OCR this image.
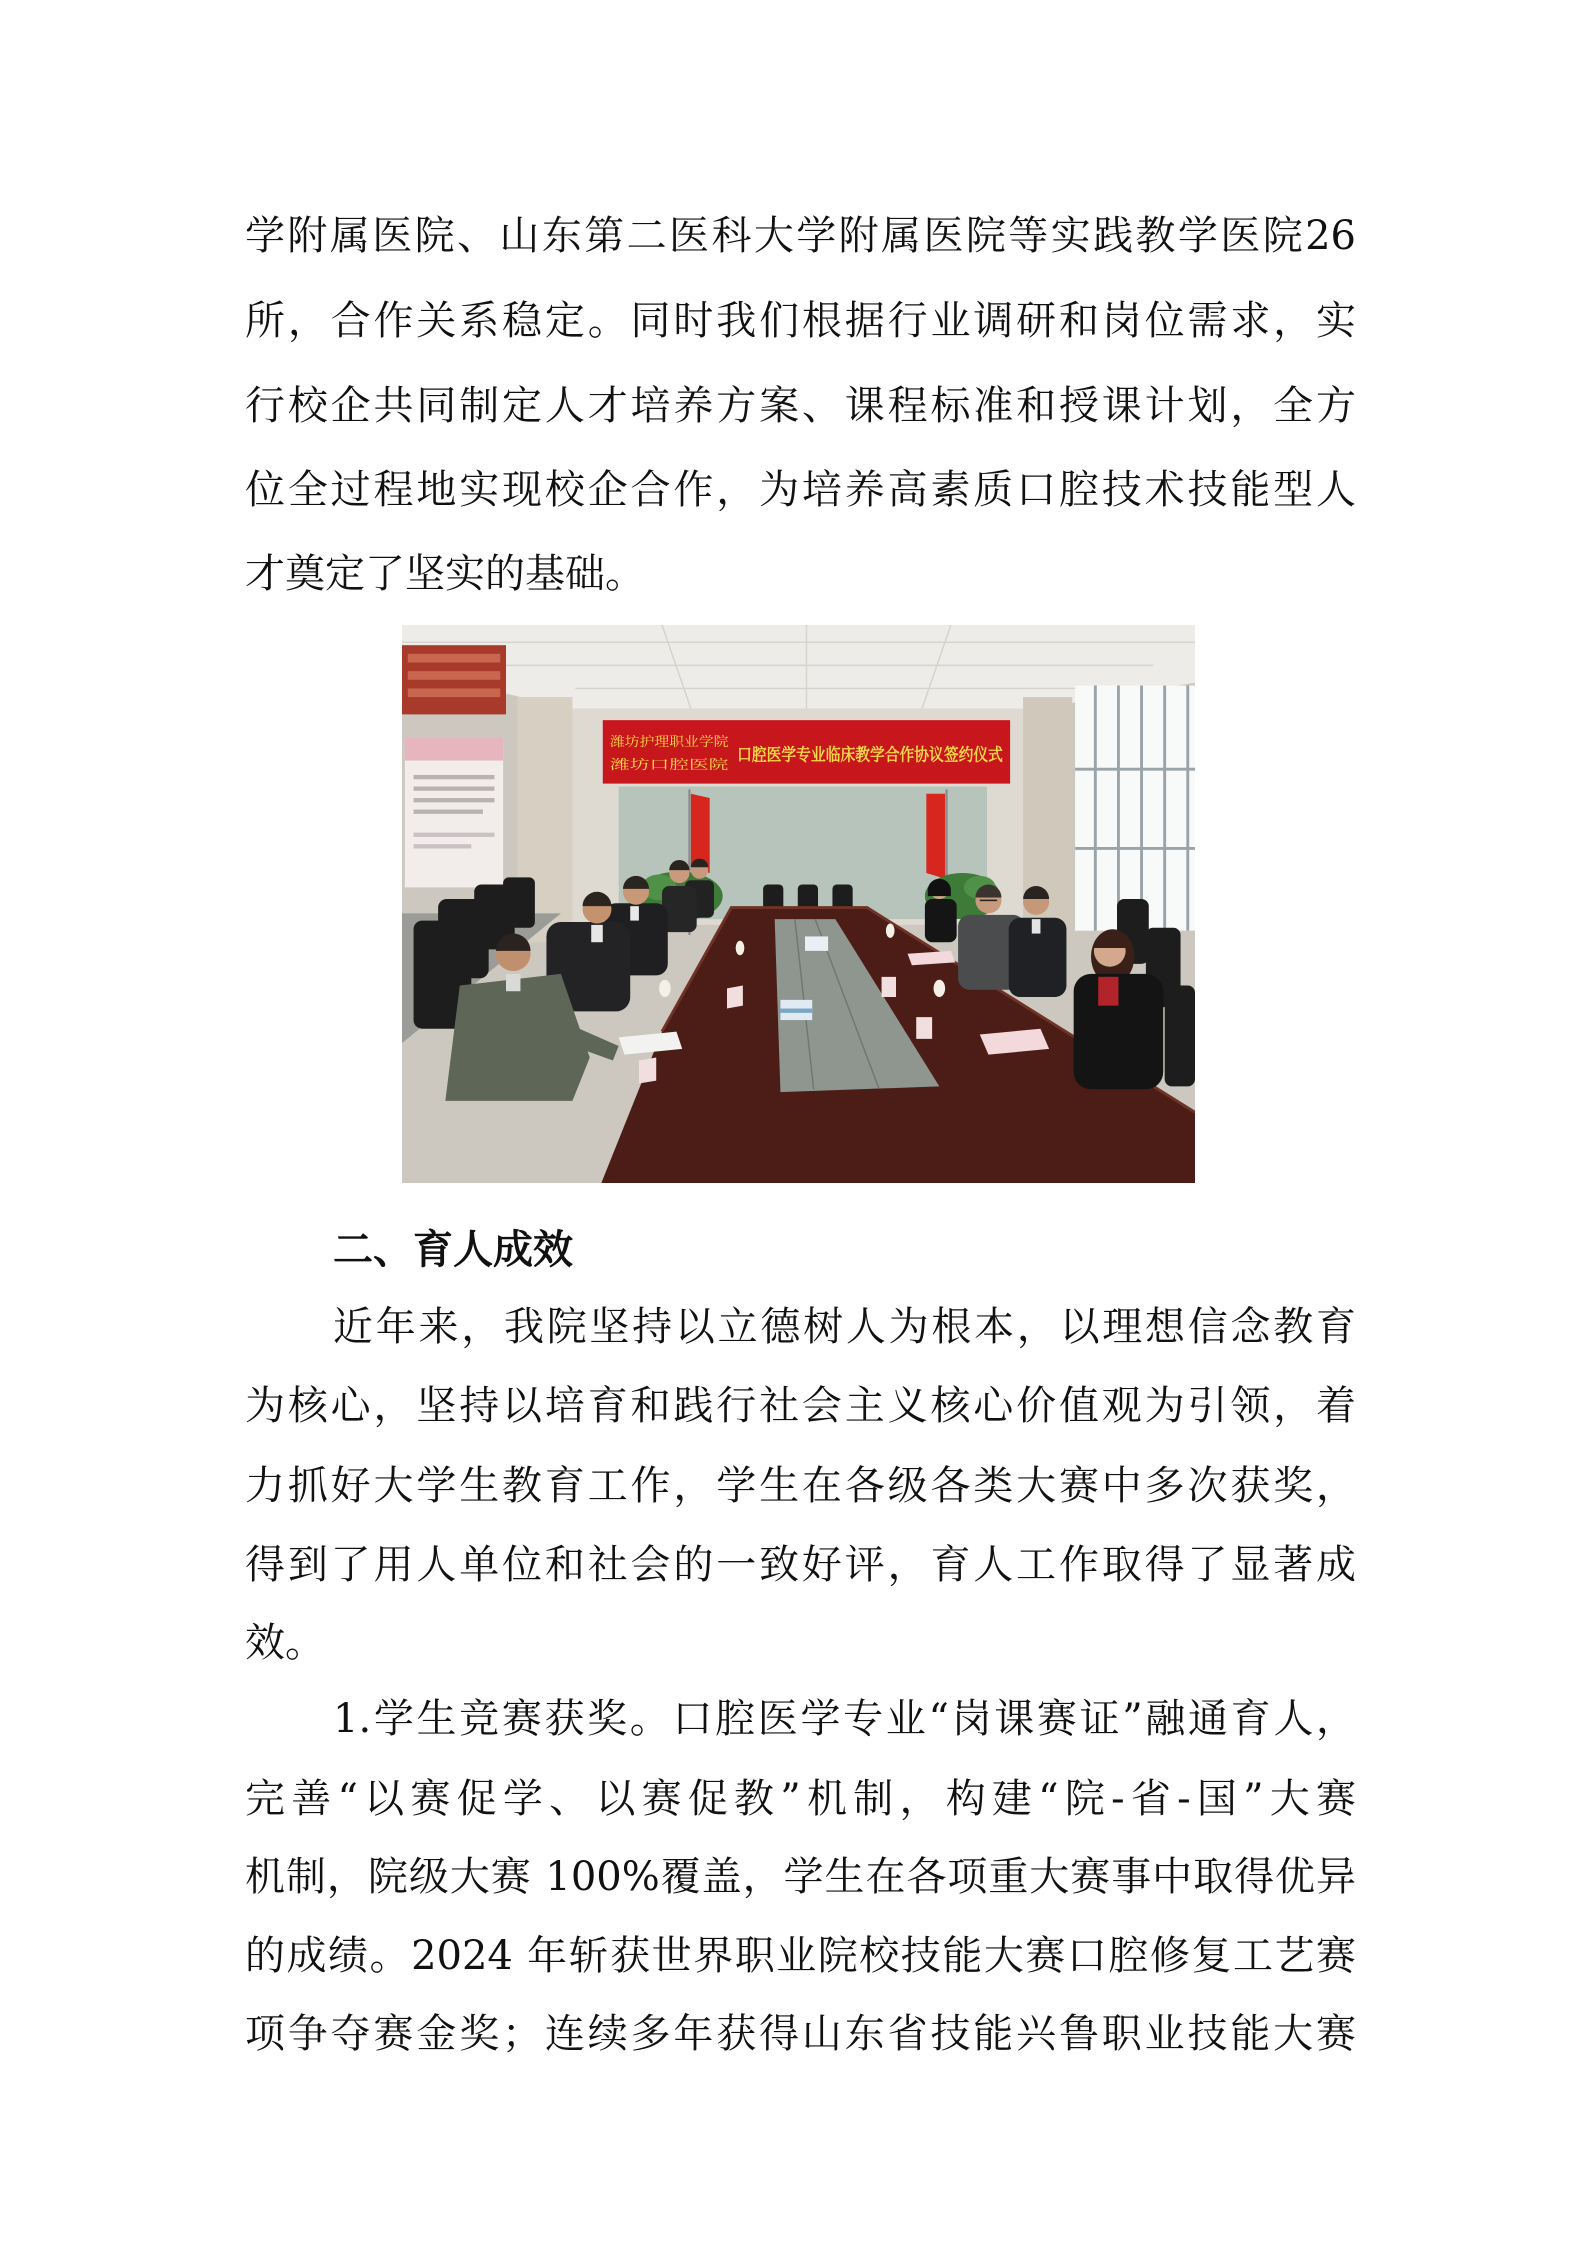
学附属医院、山东第二医科大学附属医院等实践教学医院26
所，合作关系稳定。同时我们根据行业调研和岗位需求，实
行校企共同制定人才培养方案、课程标准和授课计划，全方
位全过程地实现校企合作，为培养高素质口腔技术技能型人
才奠定了坚实的基础。
潍坊护理职业学院
潍坊口腔医院
口腔医学专业临床教学合作协议签约仪式
二、育人成效
近年来，我院坚持以立德树人为根本，以理想信念教育
为核心，坚持以培育和践行社会主义核心价值观为引领，着
力抓好大学生教育工作，学生在各级各类大赛中多次获奖，
得到了用人单位和社会的一致好评，育人工作取得了显著成
效。
1.学生竞赛获奖。口腔医学专业“岗课赛证”融通育人，
完善“以赛促学、以赛促教”机制，构建“院-省-国”大赛
机制，院级大赛 100%覆盖，学生在各项重大赛事中取得优异
的成绩。2024 年斩获世界职业院校技能大赛口腔修复工艺赛
项争夺赛金奖；连续多年获得山东省技能兴鲁职业技能大赛
